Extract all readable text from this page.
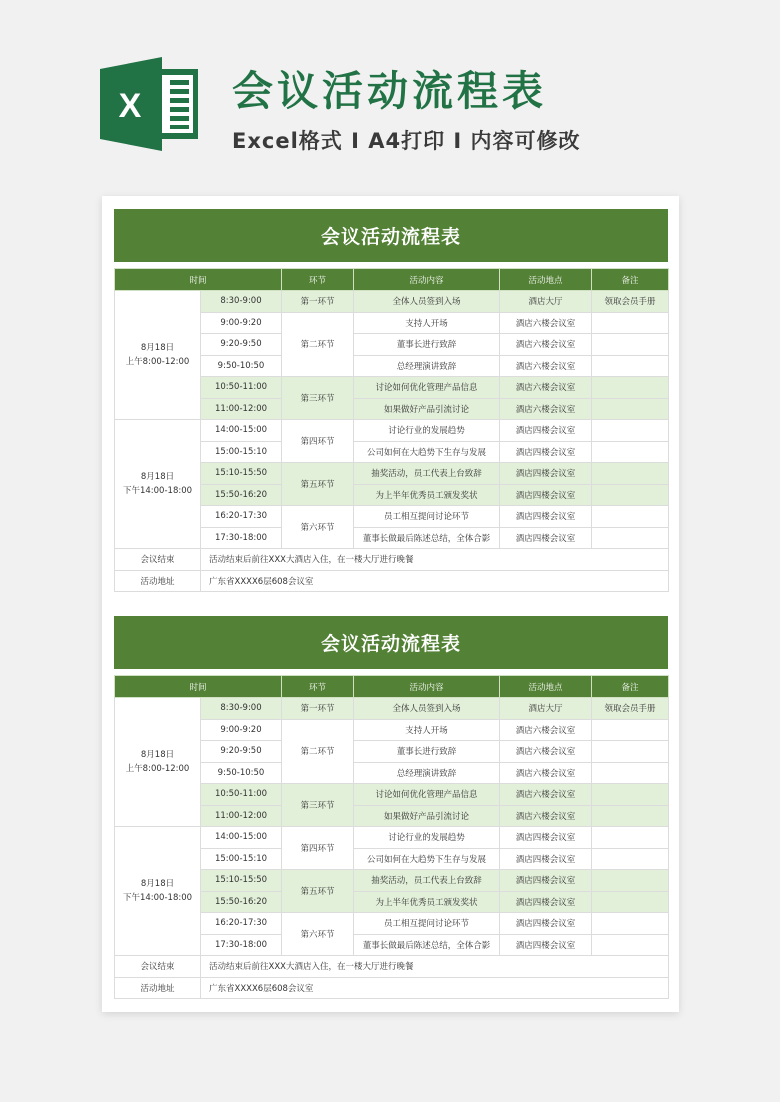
X 会议活动流程表
Excel格式 I A4打印 I 内容可修改
会议活动流程表
时间		环节	活动内容	活动地点	备注
8月18日
上午8:00-12:00	8:30-9:00	第一环节	全体人员签到入场	酒店大厅	领取会员手册
	9:00-9:20	第二环节	支持人开场	酒店六楼会议室	
	9:20-9:50		董事长进行致辞	酒店六楼会议室	
	9:50-10:50		总经理演讲致辞	酒店六楼会议室	
	10:50-11:00	第三环节	讨论如何优化管理产品信息	酒店六楼会议室	
	11:00-12:00		如果做好产品引流讨论	酒店六楼会议室	
8月18日
下午14:00-18:00	14:00-15:00	第四环节	讨论行业的发展趋势	酒店四楼会议室	
	15:00-15:10		公司如何在大趋势下生存与发展	酒店四楼会议室	
	15:10-15:50	第五环节	抽奖活动，员工代表上台致辞	酒店四楼会议室	
	15:50-16:20		为上半年优秀员工颁发奖状	酒店四楼会议室	
	16:20-17:30	第六环节	员工相互提问讨论环节	酒店四楼会议室	
	17:30-18:00		董事长做最后陈述总结，全体合影	酒店四楼会议室	
会议结束	活动结束后前往XXX大酒店入住，在一楼大厅进行晚餐				
活动地址	广东省XXXX6层608会议室				
会议活动流程表
时间		环节	活动内容	活动地点	备注
8月18日
上午8:00-12:00	8:30-9:00	第一环节	全体人员签到入场	酒店大厅	领取会员手册
	9:00-9:20	第二环节	支持人开场	酒店六楼会议室	
	9:20-9:50		董事长进行致辞	酒店六楼会议室	
	9:50-10:50		总经理演讲致辞	酒店六楼会议室	
	10:50-11:00	第三环节	讨论如何优化管理产品信息	酒店六楼会议室	
	11:00-12:00		如果做好产品引流讨论	酒店六楼会议室	
8月18日
下午14:00-18:00	14:00-15:00	第四环节	讨论行业的发展趋势	酒店四楼会议室	
	15:00-15:10		公司如何在大趋势下生存与发展	酒店四楼会议室	
	15:10-15:50	第五环节	抽奖活动，员工代表上台致辞	酒店四楼会议室	
	15:50-16:20		为上半年优秀员工颁发奖状	酒店四楼会议室	
	16:20-17:30	第六环节	员工相互提问讨论环节	酒店四楼会议室	
	17:30-18:00		董事长做最后陈述总结，全体合影	酒店四楼会议室	
会议结束	活动结束后前往XXX大酒店入住，在一楼大厅进行晚餐				
活动地址	广东省XXXX6层608会议室				
